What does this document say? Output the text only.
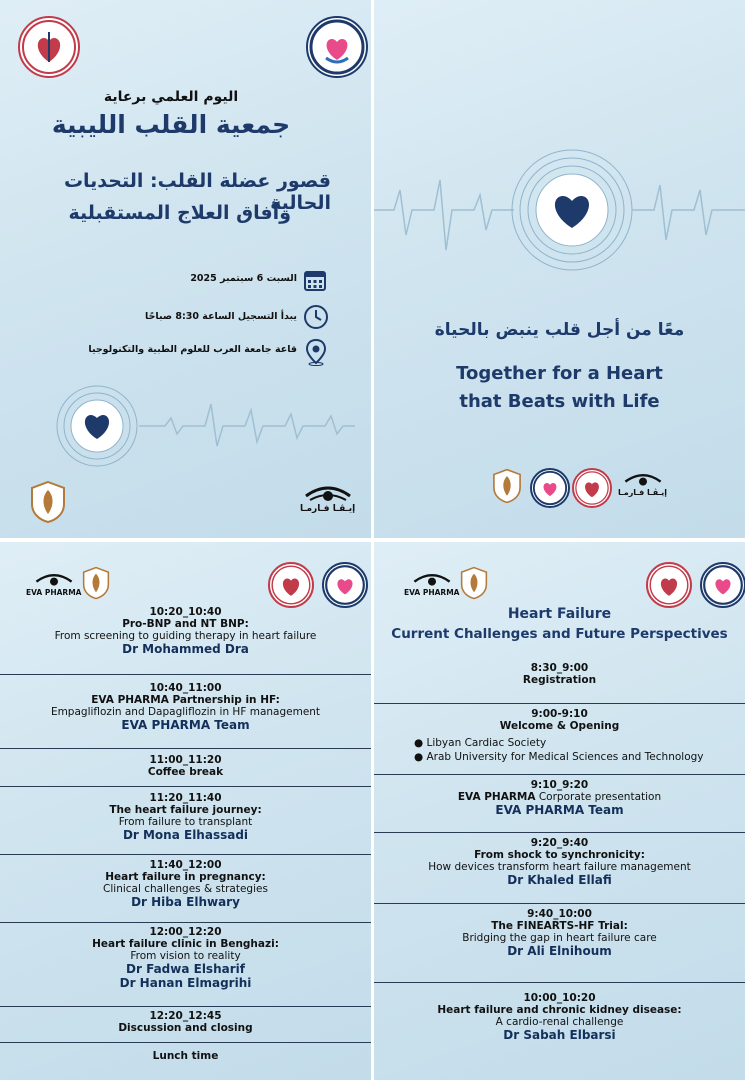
اليوم العلمي برعاية
جمعية القلب الليبية
قصور عضلة القلب: التحديات الحالية
وآفاق العلاج المستقبلية
السبت 6 سبتمبر 2025
يبدأ التسجيل الساعة 8:30 صباحًا
قاعة جامعة العرب للعلوم الطبية والتكنولوجيا
إيـڤـا فـارمـا
معًا من أجل قلب ينبض بالحياة
Together for a Heart
that Beats with Life
إيـڤـا فـارمـا
EVA PHARMA
10:20_10:40
Pro-BNP and NT BNP:
From screening to guiding therapy in heart failure
Dr Mohammed Dra
10:40_11:00
EVA PHARMA Partnership in HF:
Empagliflozin and Dapagliflozin in HF management
EVA PHARMA Team
11:00_11:20
Coffee break
11:20_11:40
The heart failure journey:
From failure to transplant
Dr Mona Elhassadi
11:40_12:00
Heart failure in pregnancy:
Clinical challenges & strategies
Dr Hiba Elhwary
12:00_12:20
Heart failure clinic in Benghazi:
From vision to reality
Dr Fadwa Elsharif
Dr Hanan Elmagrihi
12:20_12:45
Discussion and closing
Lunch time
EVA PHARMA
Heart Failure
Current Challenges and Future Perspectives
8:30_9:00
Registration
9:00-9:10
Welcome & Opening
● Libyan Cardiac Society
● Arab University for Medical Sciences and Technology
9:10_9:20
EVA PHARMA Corporate presentation
EVA PHARMA Team
9:20_9:40
From shock to synchronicity:
How devices transform heart failure management
Dr Khaled Ellafi
9:40_10:00
The FINEARTS-HF Trial:
Bridging the gap in heart failure care
Dr Ali Elnihoum
10:00_10:20
Heart failure and chronic kidney disease:
A cardio-renal challenge
Dr Sabah Elbarsi
